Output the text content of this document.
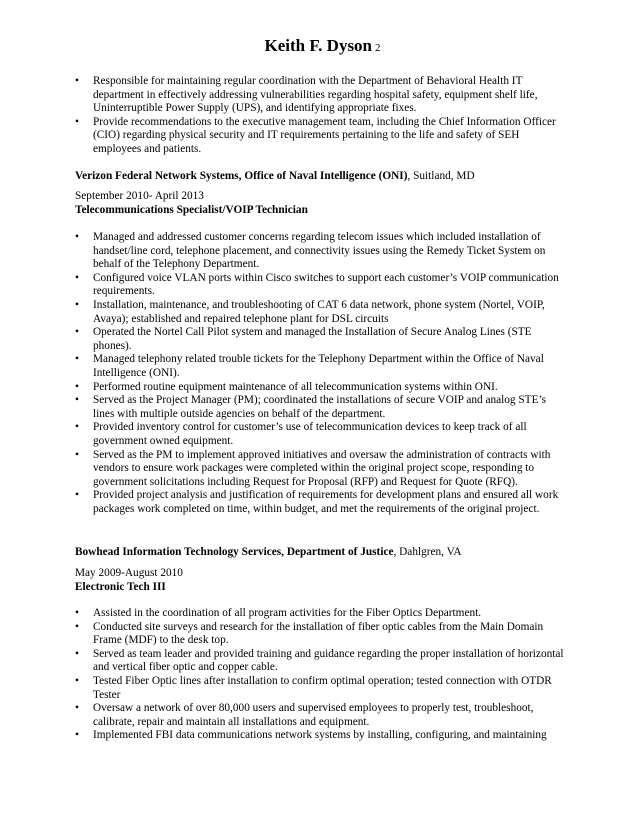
Keith F. Dyson 2
• Responsible for maintaining regular coordination with the Department of Behavioral Health IT department in effectively addressing vulnerabilities regarding hospital safety, equipment shelf life, Uninterruptible Power Supply (UPS), and identifying appropriate fixes.
• Provide recommendations to the executive management team, including the Chief Information Officer (CIO) regarding physical security and IT requirements pertaining to the life and safety of SEH employees and patients.
Verizon Federal Network Systems, Office of Naval Intelligence (ONI), Suitland, MD

September 2010- April 2013

Telecommunications Specialist/VOIP Technician

• Managed and addressed customer concerns regarding telecom issues which included installation of handset/line cord, telephone placement, and connectivity issues using the Remedy Ticket System on behalf of the Telephony Department.
• Configured voice VLAN ports within Cisco switches to support each customer’s VOIP communication requirements.
• Installation, maintenance, and troubleshooting of CAT 6 data network, phone system (Nortel, VOIP, Avaya); established and repaired telephone plant for DSL circuits
• Operated the Nortel Call Pilot system and managed the Installation of Secure Analog Lines (STE phones).
• Managed telephony related trouble tickets for the Telephony Department within the Office of Naval Intelligence (ONI).
• Performed routine equipment maintenance of all telecommunication systems within ONI.
• Served as the Project Manager (PM); coordinated the installations of secure VOIP and analog STE’s lines with multiple outside agencies on behalf of the department.
• Provided inventory control for customer’s use of telecommunication devices to keep track of all government owned equipment.
• Served as the PM to implement approved initiatives and oversaw the administration of contracts with vendors to ensure work packages were completed within the original project scope, responding to government solicitations including Request for Proposal (RFP) and Request for Quote (RFQ).
• Provided project analysis and justification of requirements for development plans and ensured all work packages work completed on time, within budget, and met the requirements of the original project.
Bowhead Information Technology Services, Department of Justice, Dahlgren, VA

May 2009-August 2010

Electronic Tech III

• Assisted in the coordination of all program activities for the Fiber Optics Department.
• Conducted site surveys and research for the installation of fiber optic cables from the Main Domain Frame (MDF) to the desk top.
• Served as team leader and provided training and guidance regarding the proper installation of horizontal and vertical fiber optic and copper cable.
• Tested Fiber Optic lines after installation to confirm optimal operation; tested connection with OTDR Tester
• Oversaw a network of over 80,000 users and supervised employees to properly test, troubleshoot, calibrate, repair and maintain all installations and equipment.
• Implemented FBI data communications network systems by installing, configuring, and maintaining
